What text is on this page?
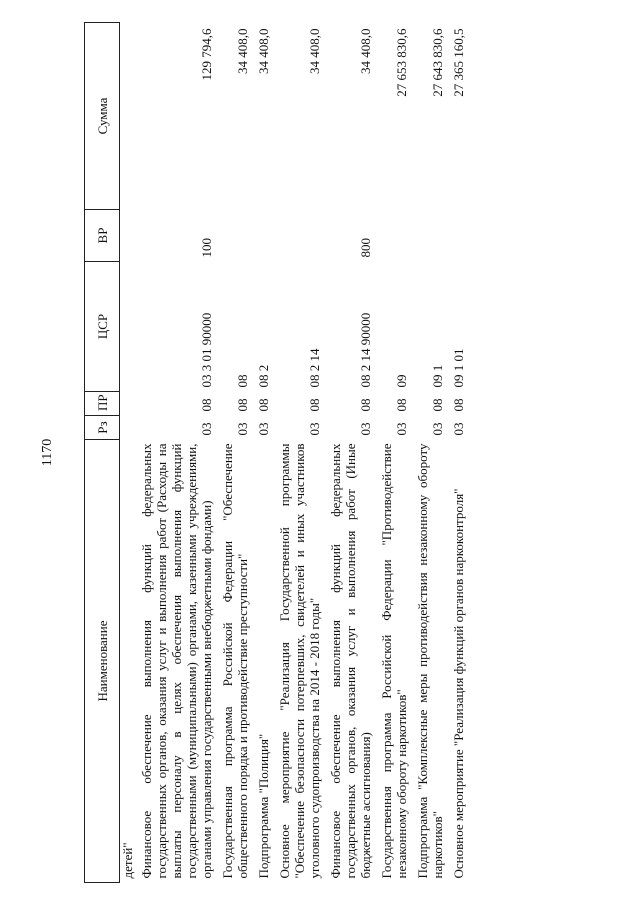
1170
Наименование	Рз	ПР	ЦСР	ВР	Сумма
детей"					
Финансовое обеспечение выполнения функций федеральных государственных органов, оказания услуг и выполнения работ (Расходы на выплаты персоналу в целях обеспечения выполнения функций государственными (муниципальными) органами, казенными учреждениями, органами управления государственными внебюджетными фондами)	03	08	03 3 01 90000	100	129 794,6
Государственная программа Российской Федерации "Обеспечение общественного порядка и противодействие преступности"	03	08	08		34 408,0
Подпрограмма "Полиция"	03	08	08 2		34 408,0
Основное мероприятие "Реализация Государственной программы "Обеспечение безопасности потерпевших, свидетелей и иных участников уголовного судопроизводства на 2014 - 2018 годы"	03	08	08 2 14		34 408,0
Финансовое обеспечение выполнения функций федеральных государственных органов, оказания услуг и выполнения работ (Иные бюджетные ассигнования)	03	08	08 2 14 90000	800	34 408,0
Государственная программа Российской Федерации "Противодействие незаконному обороту наркотиков"	03	08	09		27 653 830,6
Подпрограмма "Комплексные меры противодействия незаконному обороту наркотиков"	03	08	09 1		27 643 830,6
Основное мероприятие "Реализация функций органов наркоконтроля"	03	08	09 1 01		27 365 160,5
